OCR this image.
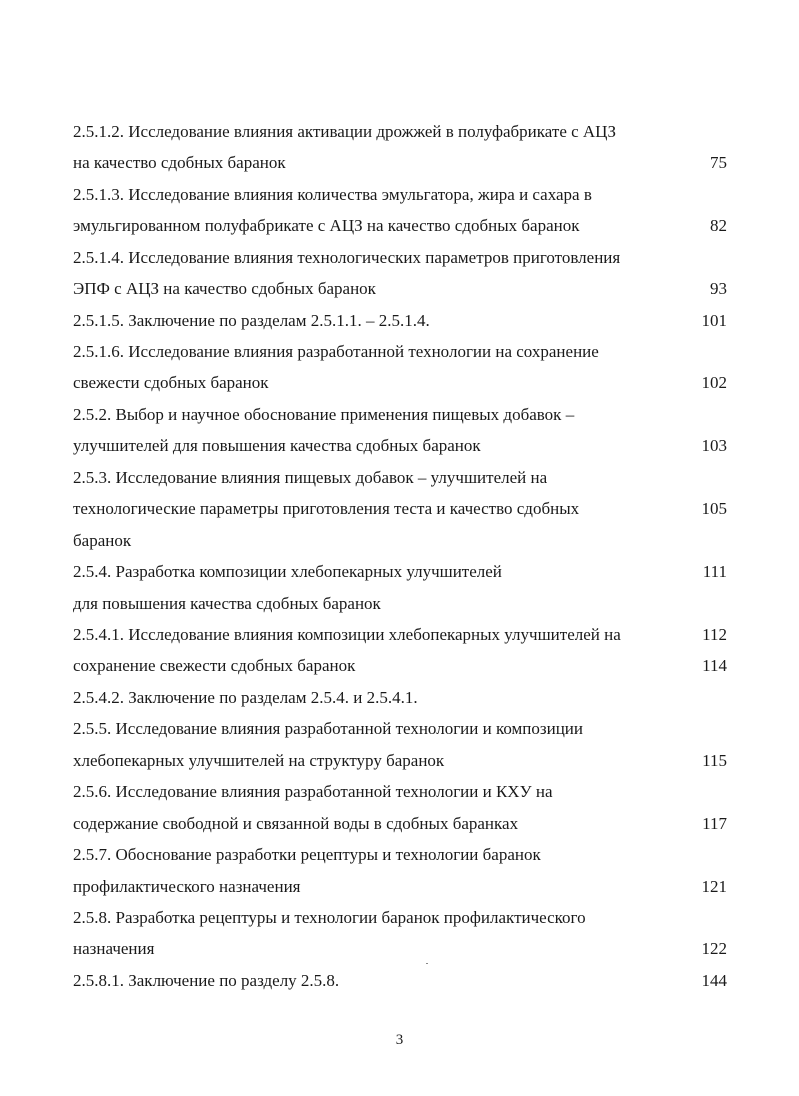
2.5.1.2. Исследование влияния активации дрожжей в полуфабрикате с АЦЗ
на качество сдобных баранок	75
2.5.1.3. Исследование влияния количества эмульгатора, жира и сахара в
эмульгированном полуфабрикате с АЦЗ на качество сдобных баранок	82
2.5.1.4. Исследование влияния технологических параметров приготовления
ЭПФ с АЦЗ на качество сдобных баранок	93
2.5.1.5. Заключение по разделам 2.5.1.1. – 2.5.1.4.	101
2.5.1.6. Исследование влияния разработанной технологии на сохранение
свежести сдобных баранок	102
2.5.2. Выбор и научное обоснование применения пищевых добавок –
улучшителей для повышения качества сдобных баранок	103
2.5.3. Исследование влияния пищевых добавок – улучшителей на
технологические параметры приготовления теста и качество сдобных	105
баранок
2.5.4. Разработка композиции хлебопекарных улучшителей	111
для повышения качества сдобных баранок
2.5.4.1. Исследование влияния композиции хлебопекарных улучшителей на	112
сохранение свежести сдобных баранок	114
2.5.4.2. Заключение по разделам 2.5.4. и 2.5.4.1.
2.5.5. Исследование влияния разработанной технологии и композиции
хлебопекарных улучшителей на структуру баранок	115
2.5.6. Исследование влияния разработанной технологии и КХУ на
содержание свободной и связанной воды в сдобных баранках	117
2.5.7. Обоснование разработки рецептуры и технологии баранок
профилактического назначения	121
2.5.8. Разработка рецептуры и технологии баранок профилактического
назначения	122
2.5.8.1. Заключение по разделу 2.5.8.	144
3
